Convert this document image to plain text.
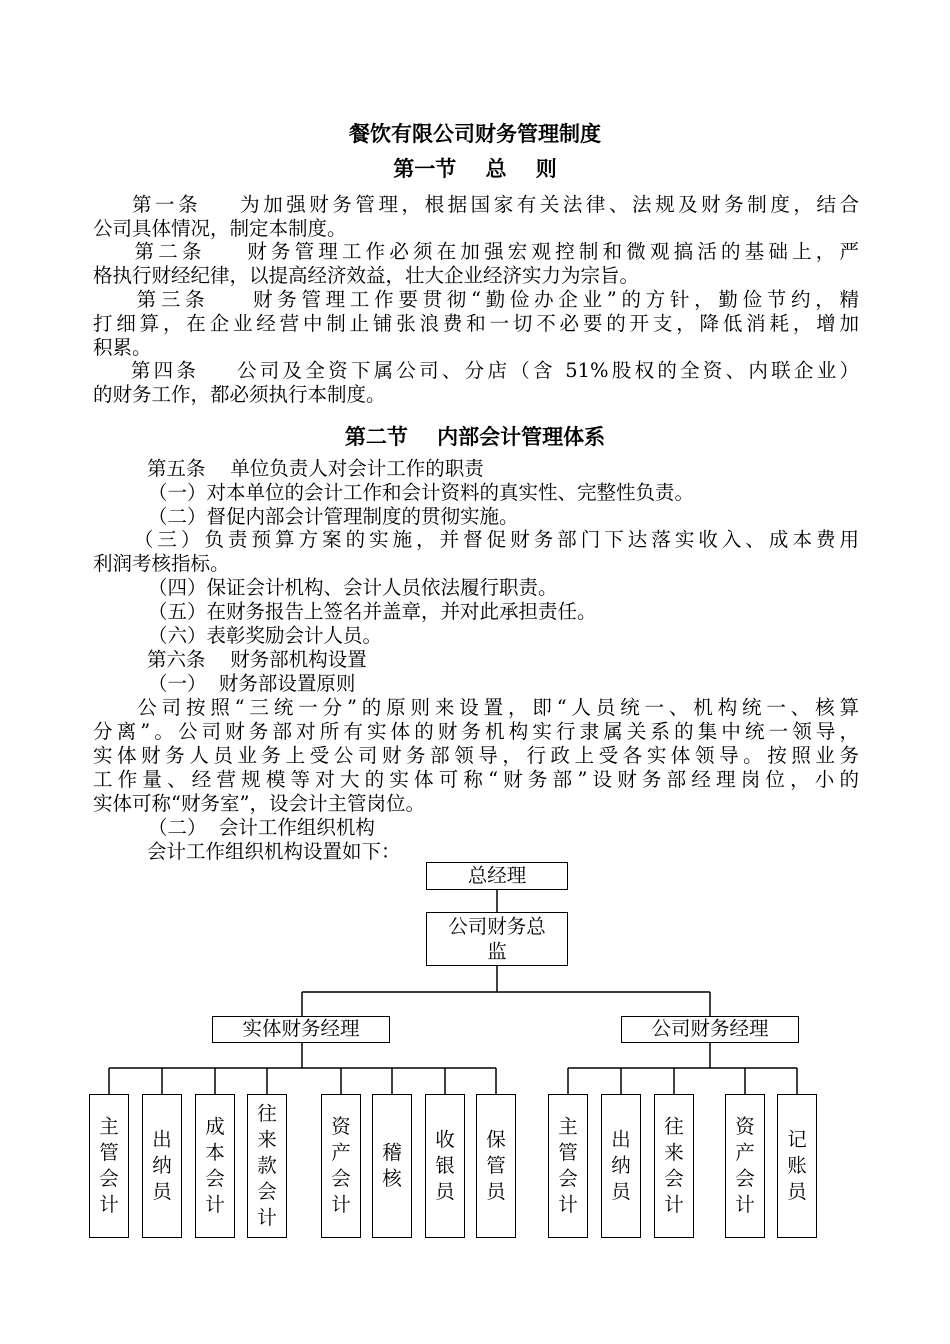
餐饮有限公司财务管理制度
第一节    总    则
第一条    为加强财务管理，根据国家有关法律、法规及财务制度，结合
公司具体情况，制定本制度。
第二条    财务管理工作必须在加强宏观控制和微观搞活的基础上，严
格执行财经纪律，以提高经济效益，壮大企业经济实力为宗旨。
第三条    财务管理工作要贯彻“勤俭办企业”的方针，勤俭节约，精
打细算，在企业经营中制止铺张浪费和一切不必要的开支，降低消耗，增加
积累。
第四条    公司及全资下属公司、分店（含 51%股权的全资、内联企业）
的财务工作，都必须执行本制度。
第二节    内部会计管理体系
第五条    单位负责人对会计工作的职责
（一）对本单位的会计工作和会计资料的真实性、完整性负责。
（二）督促内部会计管理制度的贯彻实施。
（三）负责预算方案的实施，并督促财务部门下达落实收入、成本费用
利润考核指标。
（四）保证会计机构、会计人员依法履行职责。
（五）在财务报告上签名并盖章，并对此承担责任。
（六）表彰奖励会计人员。
第六条    财务部机构设置
（一）  财务部设置原则
公司按照“三统一分”的原则来设置，即“人员统一、机构统一、核算
分离”。公司财务部对所有实体的财务机构实行隶属关系的集中统一领导，
实体财务人员业务上受公司财务部领导，行政上受各实体领导。按照业务
工作量、经营规模等对大的实体可称“财务部”设财务部经理岗位，小的
实体可称“财务室”，设会计主管岗位。
（二）  会计工作组织机构
会计工作组织机构设置如下：
总经理
公司财务总监
实体财务经理	公司财务经理
主管会计
出纳员
成本会计
往来款会计
资产会计
稽核
收银员
保管员
主管会计
出纳员
往来会计
资产会计
记账员
